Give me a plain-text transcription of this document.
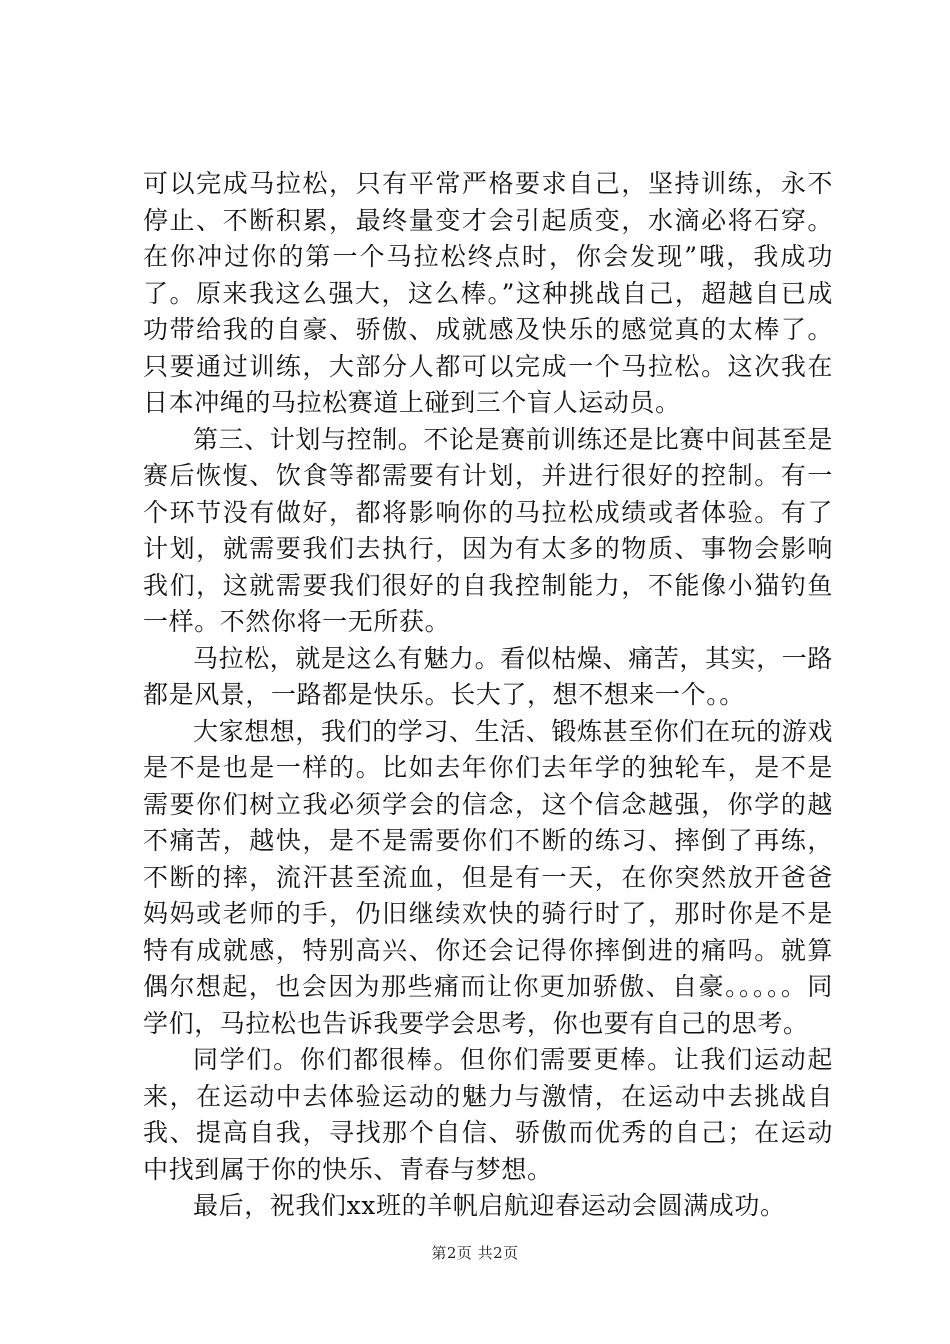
可以完成马拉松，只有平常严格要求自己，坚持训练，永不停止、不断积累，最终量变才会引起质变，水滴必将石穿。在你冲过你的第一个马拉松终点时，你会发现”哦，我成功了。原来我这么强大，这么棒。”这种挑战自己，超越自已成功带给我的自豪、骄傲、成就感及快乐的感觉真的太棒了。只要通过训练，大部分人都可以完成一个马拉松。这次我在日本冲绳的马拉松赛道上碰到三个盲人运动员。

第三、计划与控制。不论是赛前训练还是比赛中间甚至是赛后恢愎、饮食等都需要有计划，并进行很好的控制。有一个环节没有做好，都将影响你的马拉松成绩或者体验。有了计划，就需要我们去执行，因为有太多的物质、事物会影响我们，这就需要我们很好的自我控制能力，不能像小猫钓鱼一样。不然你将一无所获。

马拉松，就是这么有魅力。看似枯燥、痛苦，其实，一路都是风景，一路都是快乐。长大了，想不想来一个。。

大家想想，我们的学习、生活、锻炼甚至你们在玩的游戏是不是也是一样的。比如去年你们去年学的独轮车，是不是需要你们树立我必须学会的信念，这个信念越强，你学的越不痛苦，越快，是不是需要你们不断的练习、摔倒了再练，不断的摔，流汗甚至流血，但是有一天，在你突然放开爸爸妈妈或老师的手，仍旧继续欢快的骑行时了，那时你是不是特有成就感，特别高兴、你还会记得你摔倒进的痛吗。就算偶尔想起，也会因为那些痛而让你更加骄傲、自豪。。。。。同学们，马拉松也告诉我要学会思考，你也要有自己的思考。

同学们。你们都很棒。但你们需要更棒。让我们运动起来，在运动中去体验运动的魅力与激情，在运动中去挑战自我、提高自我，寻找那个自信、骄傲而优秀的自己；在运动中找到属于你的快乐、青春与梦想。

最后，祝我们xx班的羊帆启航迎春运动会圆满成功。

第2页 共2页
